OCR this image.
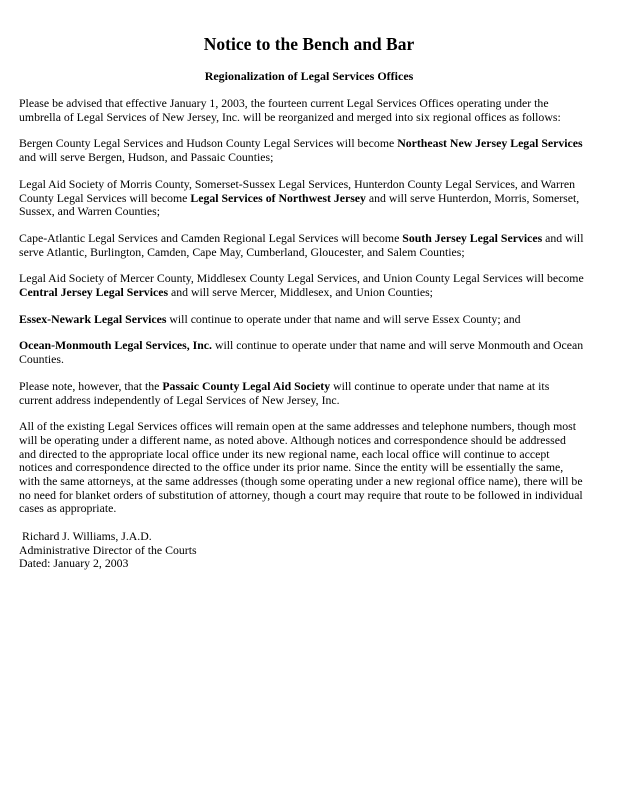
Notice to the Bench and Bar
Regionalization of Legal Services Offices

Please be advised that effective January 1, 2003, the fourteen current Legal Services Offices operating under the umbrella of Legal Services of New Jersey, Inc. will be reorganized and merged into six regional offices as follows:

Bergen County Legal Services and Hudson County Legal Services will become Northeast New Jersey Legal Services and will serve Bergen, Hudson, and Passaic Counties;

Legal Aid Society of Morris County, Somerset-Sussex Legal Services, Hunterdon County Legal Services, and Warren County Legal Services will become Legal Services of Northwest Jersey and will serve Hunterdon, Morris, Somerset, Sussex, and Warren Counties;

Cape-Atlantic Legal Services and Camden Regional Legal Services will become South Jersey Legal Services and will serve Atlantic, Burlington, Camden, Cape May, Cumberland, Gloucester, and Salem Counties;

Legal Aid Society of Mercer County, Middlesex County Legal Services, and Union County Legal Services will become Central Jersey Legal Services and will serve Mercer, Middlesex, and Union Counties;

Essex-Newark Legal Services will continue to operate under that name and will serve Essex County; and

Ocean-Monmouth Legal Services, Inc. will continue to operate under that name and will serve Monmouth and Ocean Counties.

Please note, however, that the Passaic County Legal Aid Society will continue to operate under that name at its current address independently of Legal Services of New Jersey, Inc.

All of the existing Legal Services offices will remain open at the same addresses and telephone numbers, though most will be operating under a different name, as noted above. Although notices and correspondence should be addressed and directed to the appropriate local office under its new regional name, each local office will continue to accept notices and correspondence directed to the office under its prior name. Since the entity will be essentially the same, with the same attorneys, at the same addresses (though some operating under a new regional office name), there will be no need for blanket orders of substitution of attorney, though a court may require that route to be followed in individual cases as appropriate.

Richard J. Williams, J.A.D.

Administrative Director of the Courts

Dated: January 2, 2003
